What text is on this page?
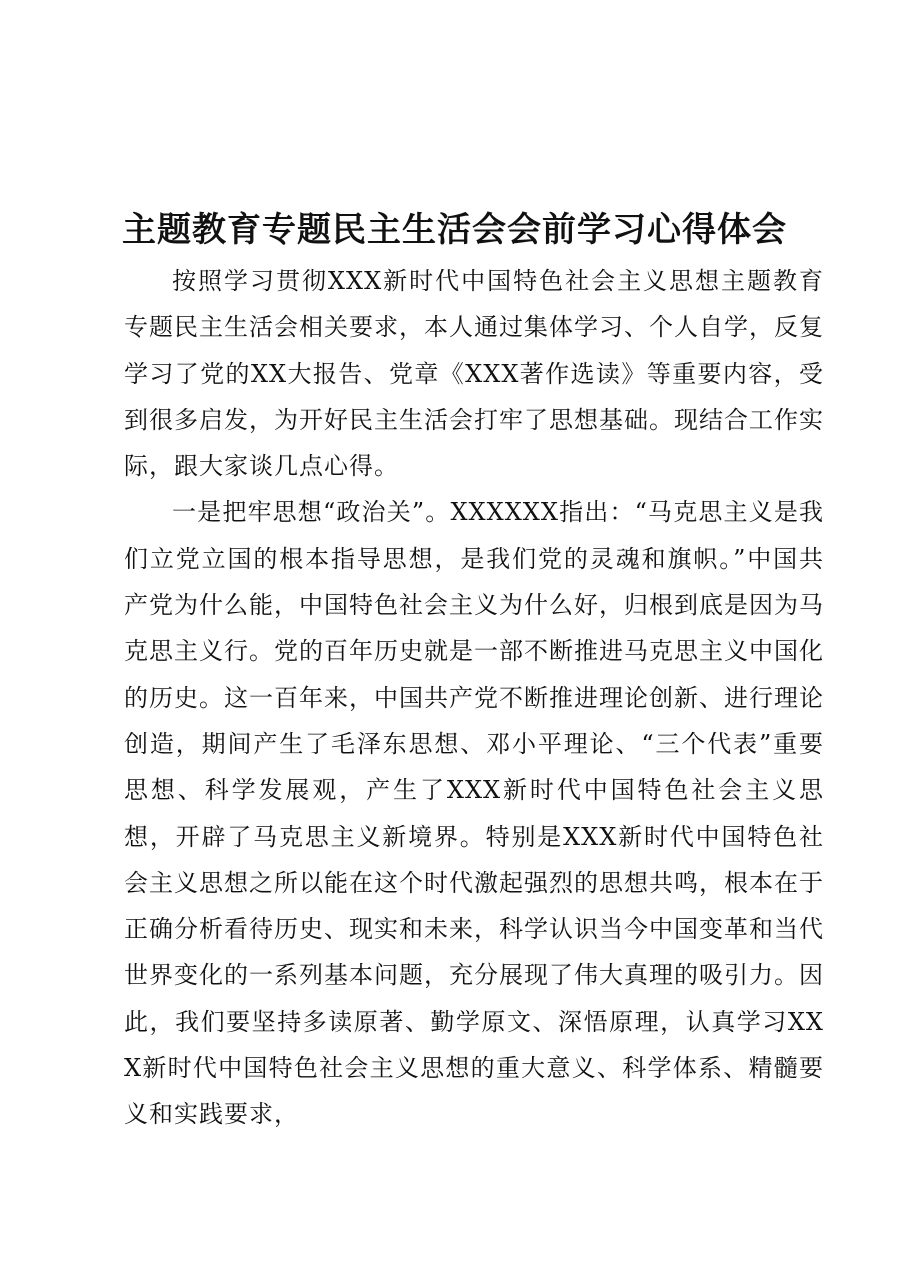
主题教育专题民主生活会会前学习心得体会

按照学习贯彻XXX新时代中国特色社会主义思想主题教育专题民主生活会相关要求，本人通过集体学习、个人自学，反复学习了党的XX大报告、党章《XXX著作选读》等重要内容，受到很多启发，为开好民主生活会打牢了思想基础。现结合工作实际，跟大家谈几点心得。

一是把牢思想“政治关”。XXXXXX指出：“马克思主义是我们立党立国的根本指导思想，是我们党的灵魂和旗帜。”中国共产党为什么能，中国特色社会主义为什么好，归根到底是因为马克思主义行。党的百年历史就是一部不断推进马克思主义中国化的历史。这一百年来，中国共产党不断推进理论创新、进行理论创造，期间产生了毛泽东思想、邓小平理论、“三个代表”重要思想、科学发展观，产生了XXX新时代中国特色社会主义思想，开辟了马克思主义新境界。特别是XXX新时代中国特色社会主义思想之所以能在这个时代激起强烈的思想共鸣，根本在于正确分析看待历史、现实和未来，科学认识当今中国变革和当代世界变化的一系列基本问题，充分展现了伟大真理的吸引力。因此，我们要坚持多读原著、勤学原文、深悟原理，认真学习XXX新时代中国特色社会主义思想的重大意义、科学体系、精髓要义和实践要求，
